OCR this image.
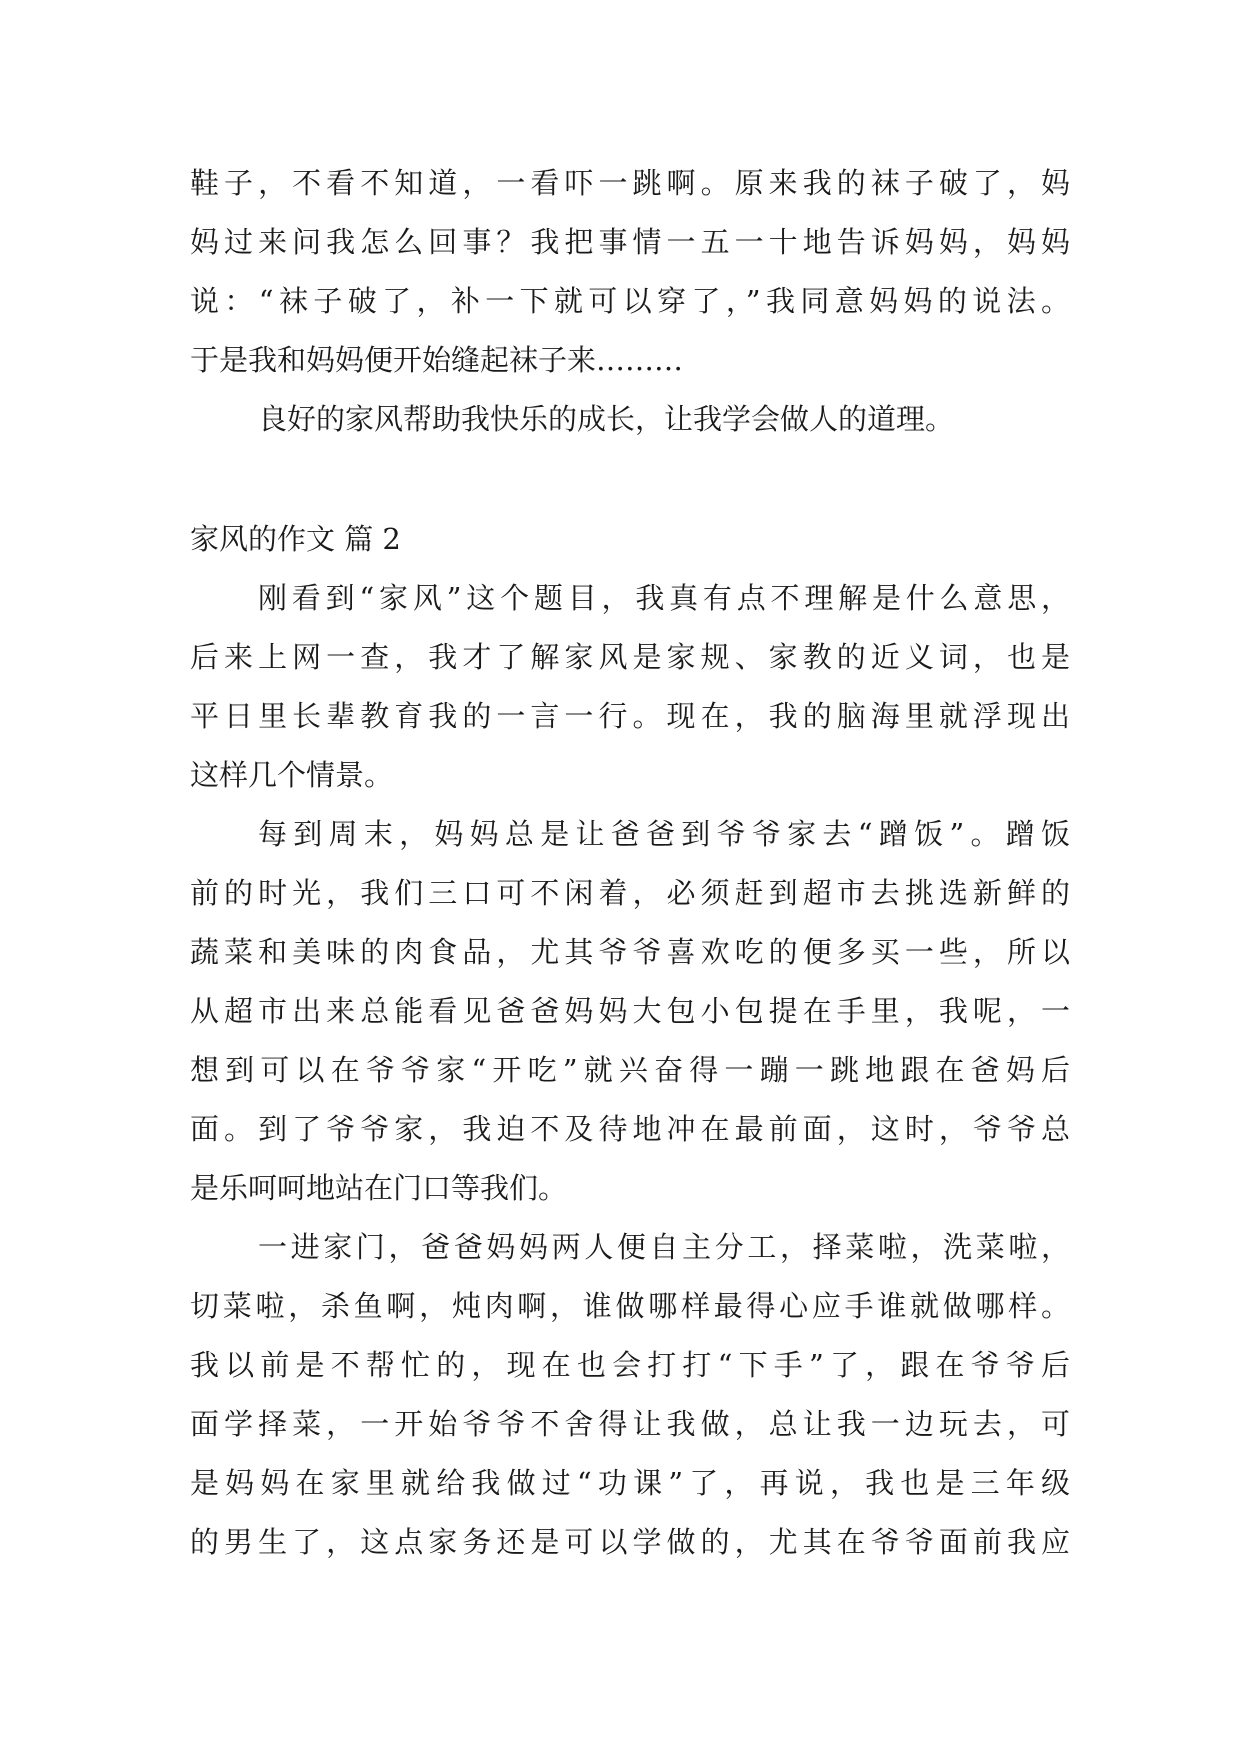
鞋子，不看不知道，一看吓一跳啊。原来我的袜子破了，妈
妈过来问我怎么回事？我把事情一五一十地告诉妈妈，妈妈
说：“袜子破了，补一下就可以穿了，”我同意妈妈的说法。
于是我和妈妈便开始缝起袜子来………
良好的家风帮助我快乐的成长，让我学会做人的道理。
家风的作文 篇 2
刚看到“家风”这个题目，我真有点不理解是什么意思，
后来上网一查，我才了解家风是家规、家教的近义词，也是
平日里长辈教育我的一言一行。现在，我的脑海里就浮现出
这样几个情景。
每到周末，妈妈总是让爸爸到爷爷家去“蹭饭”。蹭饭
前的时光，我们三口可不闲着，必须赶到超市去挑选新鲜的
蔬菜和美味的肉食品，尤其爷爷喜欢吃的便多买一些，所以
从超市出来总能看见爸爸妈妈大包小包提在手里，我呢，一
想到可以在爷爷家“开吃”就兴奋得一蹦一跳地跟在爸妈后
面。到了爷爷家，我迫不及待地冲在最前面，这时，爷爷总
是乐呵呵地站在门口等我们。
一进家门，爸爸妈妈两人便自主分工，择菜啦，洗菜啦，
切菜啦，杀鱼啊，炖肉啊，谁做哪样最得心应手谁就做哪样。
我以前是不帮忙的，现在也会打打“下手”了，跟在爷爷后
面学择菜，一开始爷爷不舍得让我做，总让我一边玩去，可
是妈妈在家里就给我做过“功课”了，再说，我也是三年级
的男生了，这点家务还是可以学做的，尤其在爷爷面前我应
